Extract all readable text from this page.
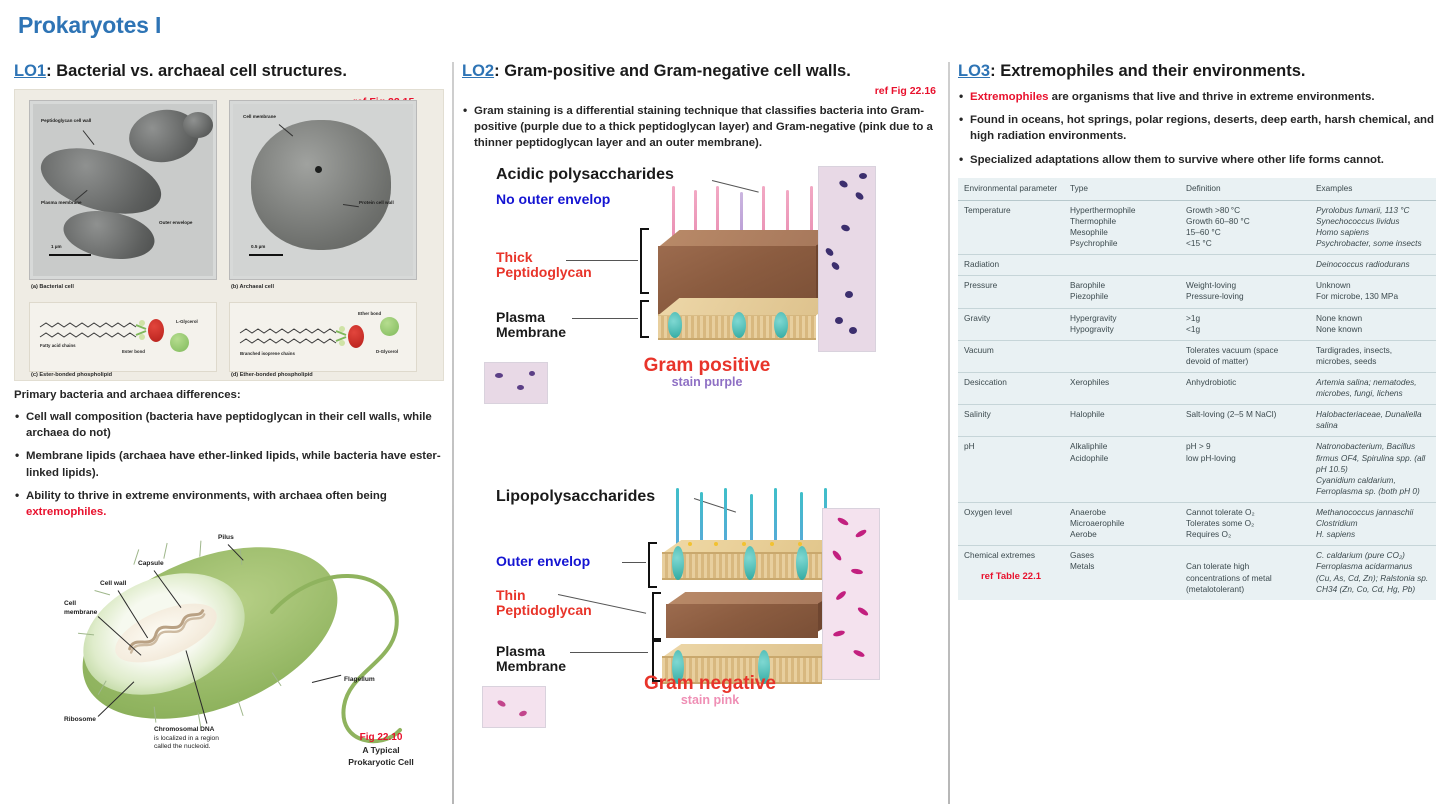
Prokaryotes I
LO1: Bacterial vs. archaeal cell structures.
Peptidoglycan cell wall
Plasma membrane
Outer envelope
1 µm
Cell membrane
Protein cell wall
0.5 µm
(a) Bacterial cell	(b) Archaeal cell
Fatty acid chains
Ester bond
L-Glycerol
Branched isoprene chains
Ether bond
D-Glycerol
(c) Ester-bonded phospholipid	(d) Ether-bonded phospholipid
Primary bacteria and archaea differences:
• Cell wall composition (bacteria have peptidoglycan in their cell walls, while archaea do not)
• Membrane lipids (archaea have ether-linked lipids, while bacteria have ester-linked lipids).
• Ability to thrive in extreme environments, with archaea often being extremophiles.
Pilus
Capsule
Cell wall
Cell
membrane
Ribosome
Chromosomal DNA
is localized in a region
called the nucleoid.
Flagellum
Fig 22.10
A Typical
Prokaryotic Cell
LO2: Gram-positive and Gram-negative cell walls.
ref Fig 22.16
• Gram staining is a differential staining technique that classifies bacteria into Gram-positive (purple due to a thick peptidoglycan layer) and Gram-negative (pink due to a thinner peptidoglycan layer and an outer membrane).
Acidic polysaccharides
No outer envelop
Thick
Peptidoglycan
Plasma
Membrane
Gram positive
stain purple
Lipopolysaccharides
Outer envelop
Thin
Peptidoglycan
Plasma
Membrane
Gram negative
stain pink
LO3: Extremophiles and their environments.
• Extremophiles are organisms that live and thrive in extreme environments.
• Found in oceans, hot springs, polar regions, deserts, deep earth, harsh chemical, and high radiation environments.
• Specialized adaptations allow them to survive where other life forms cannot.
Environmental parameter	Type	Definition	Examples

Temperature	Hyperthermophile
Thermophile
Mesophile
Psychrophile	Growth >80 °C
Growth 60–80 °C
15–60 °C
<15 °C	Pyrolobus fumarii, 113 °C
Synechococcus lividus
Homo sapiens
Psychrobacter, some insects

Radiation			Deinococcus radiodurans

Pressure	Barophile
Piezophile	Weight-loving
Pressure-loving	Unknown
For microbe, 130 MPa

Gravity	Hypergravity
Hypogravity	>1g
<1g	None known
None known

Vacuum		Tolerates vacuum (space devoid of matter)	Tardigrades, insects, microbes, seeds

Desiccation	Xerophiles	Anhydrobiotic	Artemia salina; nematodes, microbes, fungi, lichens

Salinity	Halophile	Salt-loving (2–5 M NaCl)	Halobacteriaceae, Dunaliella salina

pH	Alkaliphile
Acidophile	pH > 9
low pH-loving	Natronobacterium, Bacillus firmus OF4, Spirulina spp. (all pH 10.5)
Cyanidium caldarium, Ferroplasma sp. (both pH 0)

Oxygen level	Anaerobe
Microaerophile
Aerobe	Cannot tolerate O₂
Tolerates some O₂
Requires O₂	Methanococcus jannaschii
Clostridium
H. sapiens

Chemical extremes
ref Table 22.1	Gases
Metals	Can tolerate high concentrations of metal (metalotolerant)	C. caldarium (pure CO₂)
Ferroplasma acidarmanus (Cu, As, Cd, Zn); Ralstonia sp. CH34 (Zn, Co, Cd, Hg, Pb)
